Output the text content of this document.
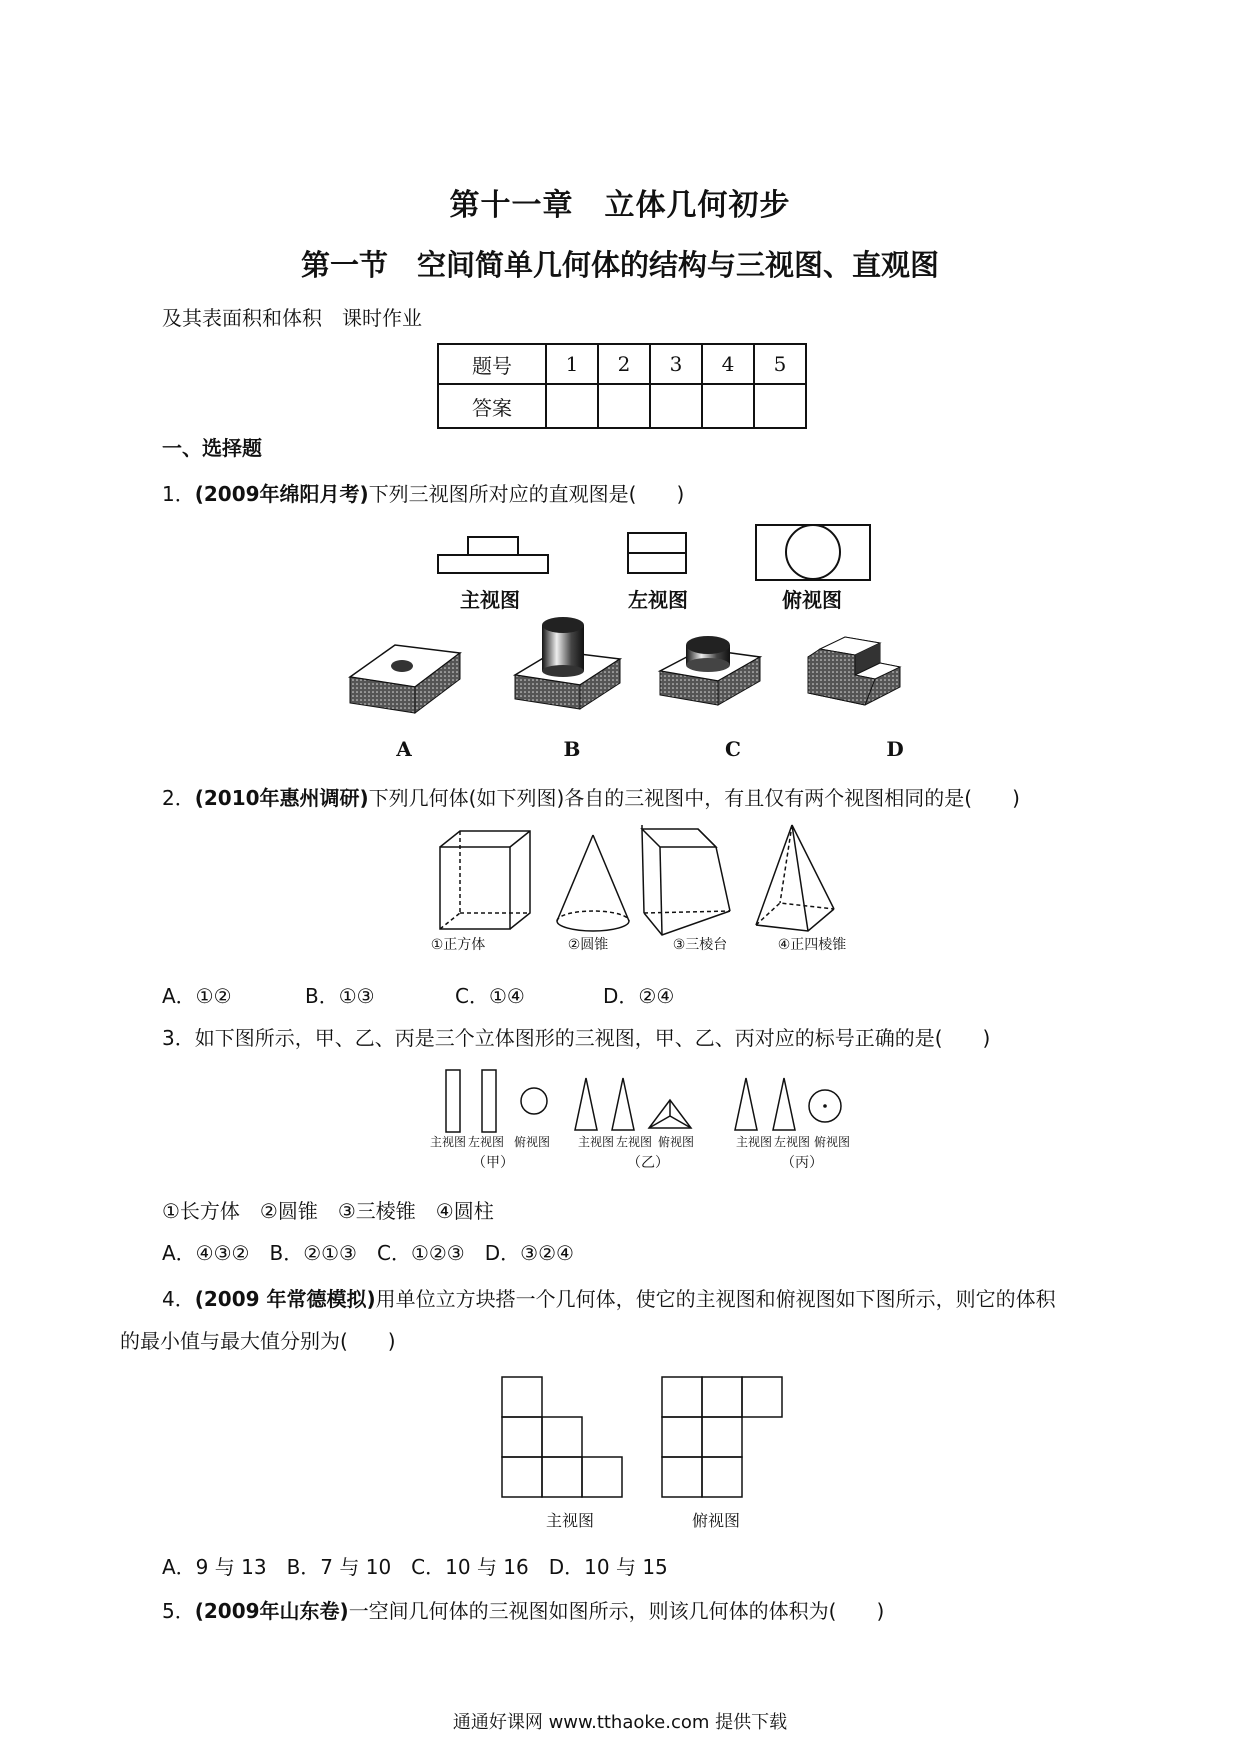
第十一章　立体几何初步
第一节　空间简单几何体的结构与三视图、直观图
及其表面积和体积　课时作业
题号	1	2	3	4	5
答案					
一、选择题
1．(2009年绵阳月考)下列三视图所对应的直观图是(　　)
主视图	左视图	俯视图
A	B	C	D
2．(2010年惠州调研)下列几何体(如下列图)各自的三视图中，有且仅有两个视图相同的是(　　)
①正方体	②圆锥	③三棱台	④正四棱锥
A．①②	B．①③	C．①④	D．②④
3．如下图所示，甲、乙、丙是三个立体图形的三视图，甲、乙、丙对应的标号正确的是(　　)
主视图 左视图 俯视图 主视图 左视图 俯视图	主视图 左视图 俯视图
（甲）	（乙）	（丙）
①长方体　②圆锥　③三棱锥　④圆柱
A．④③②　B．②①③　C．①②③　D．③②④
4．(2009 年常德模拟)用单位立方块搭一个几何体，使它的主视图和俯视图如下图所示，则它的体积
的最小值与最大值分别为(　　)
主视图	俯视图
A．9 与 13　B．7 与 10　C．10 与 16　D．10 与 15
5．(2009年山东卷)一空间几何体的三视图如图所示，则该几何体的体积为(　　)
通通好课网 www.tthaoke.com 提供下载
